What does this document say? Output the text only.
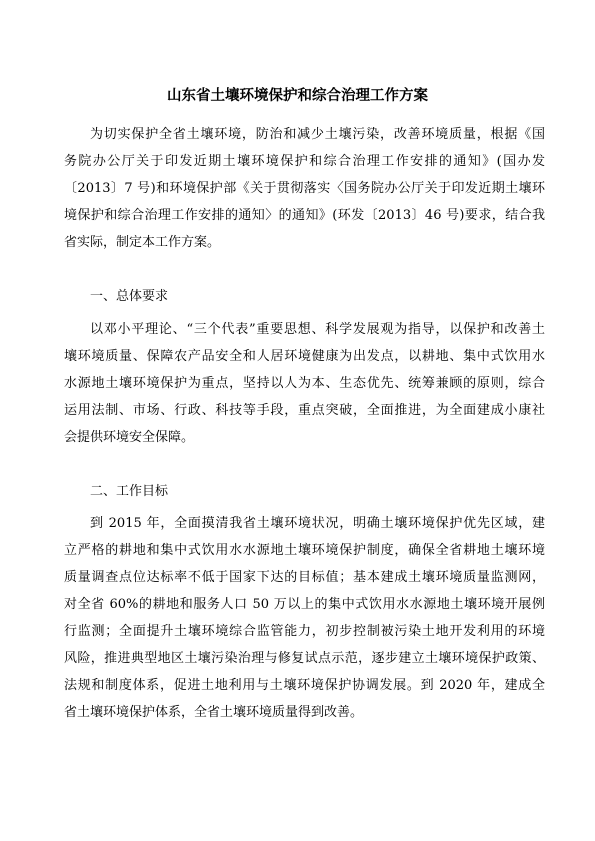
山东省土壤环境保护和综合治理工作方案
为切实保护全省土壤环境，防治和减少土壤污染，改善环境质量，根据《国
务院办公厅关于印发近期土壤环境保护和综合治理工作安排的通知》(国办发
〔2013〕7 号)和环境保护部《关于贯彻落实〈国务院办公厅关于印发近期土壤环
境保护和综合治理工作安排的通知〉的通知》(环发〔2013〕46 号)要求，结合我
省实际，制定本工作方案。
一、总体要求
以邓小平理论、“三个代表”重要思想、科学发展观为指导，以保护和改善土
壤环境质量、保障农产品安全和人居环境健康为出发点，以耕地、集中式饮用水
水源地土壤环境保护为重点，坚持以人为本、生态优先、统筹兼顾的原则，综合
运用法制、市场、行政、科技等手段，重点突破，全面推进，为全面建成小康社
会提供环境安全保障。
二、工作目标
到 2015 年，全面摸清我省土壤环境状况，明确土壤环境保护优先区域，建
立严格的耕地和集中式饮用水水源地土壤环境保护制度，确保全省耕地土壤环境
质量调查点位达标率不低于国家下达的目标值；基本建成土壤环境质量监测网，
对全省 60%的耕地和服务人口 50 万以上的集中式饮用水水源地土壤环境开展例
行监测；全面提升土壤环境综合监管能力，初步控制被污染土地开发利用的环境
风险，推进典型地区土壤污染治理与修复试点示范，逐步建立土壤环境保护政策、
法规和制度体系，促进土地利用与土壤环境保护协调发展。到 2020 年，建成全
省土壤环境保护体系，全省土壤环境质量得到改善。
